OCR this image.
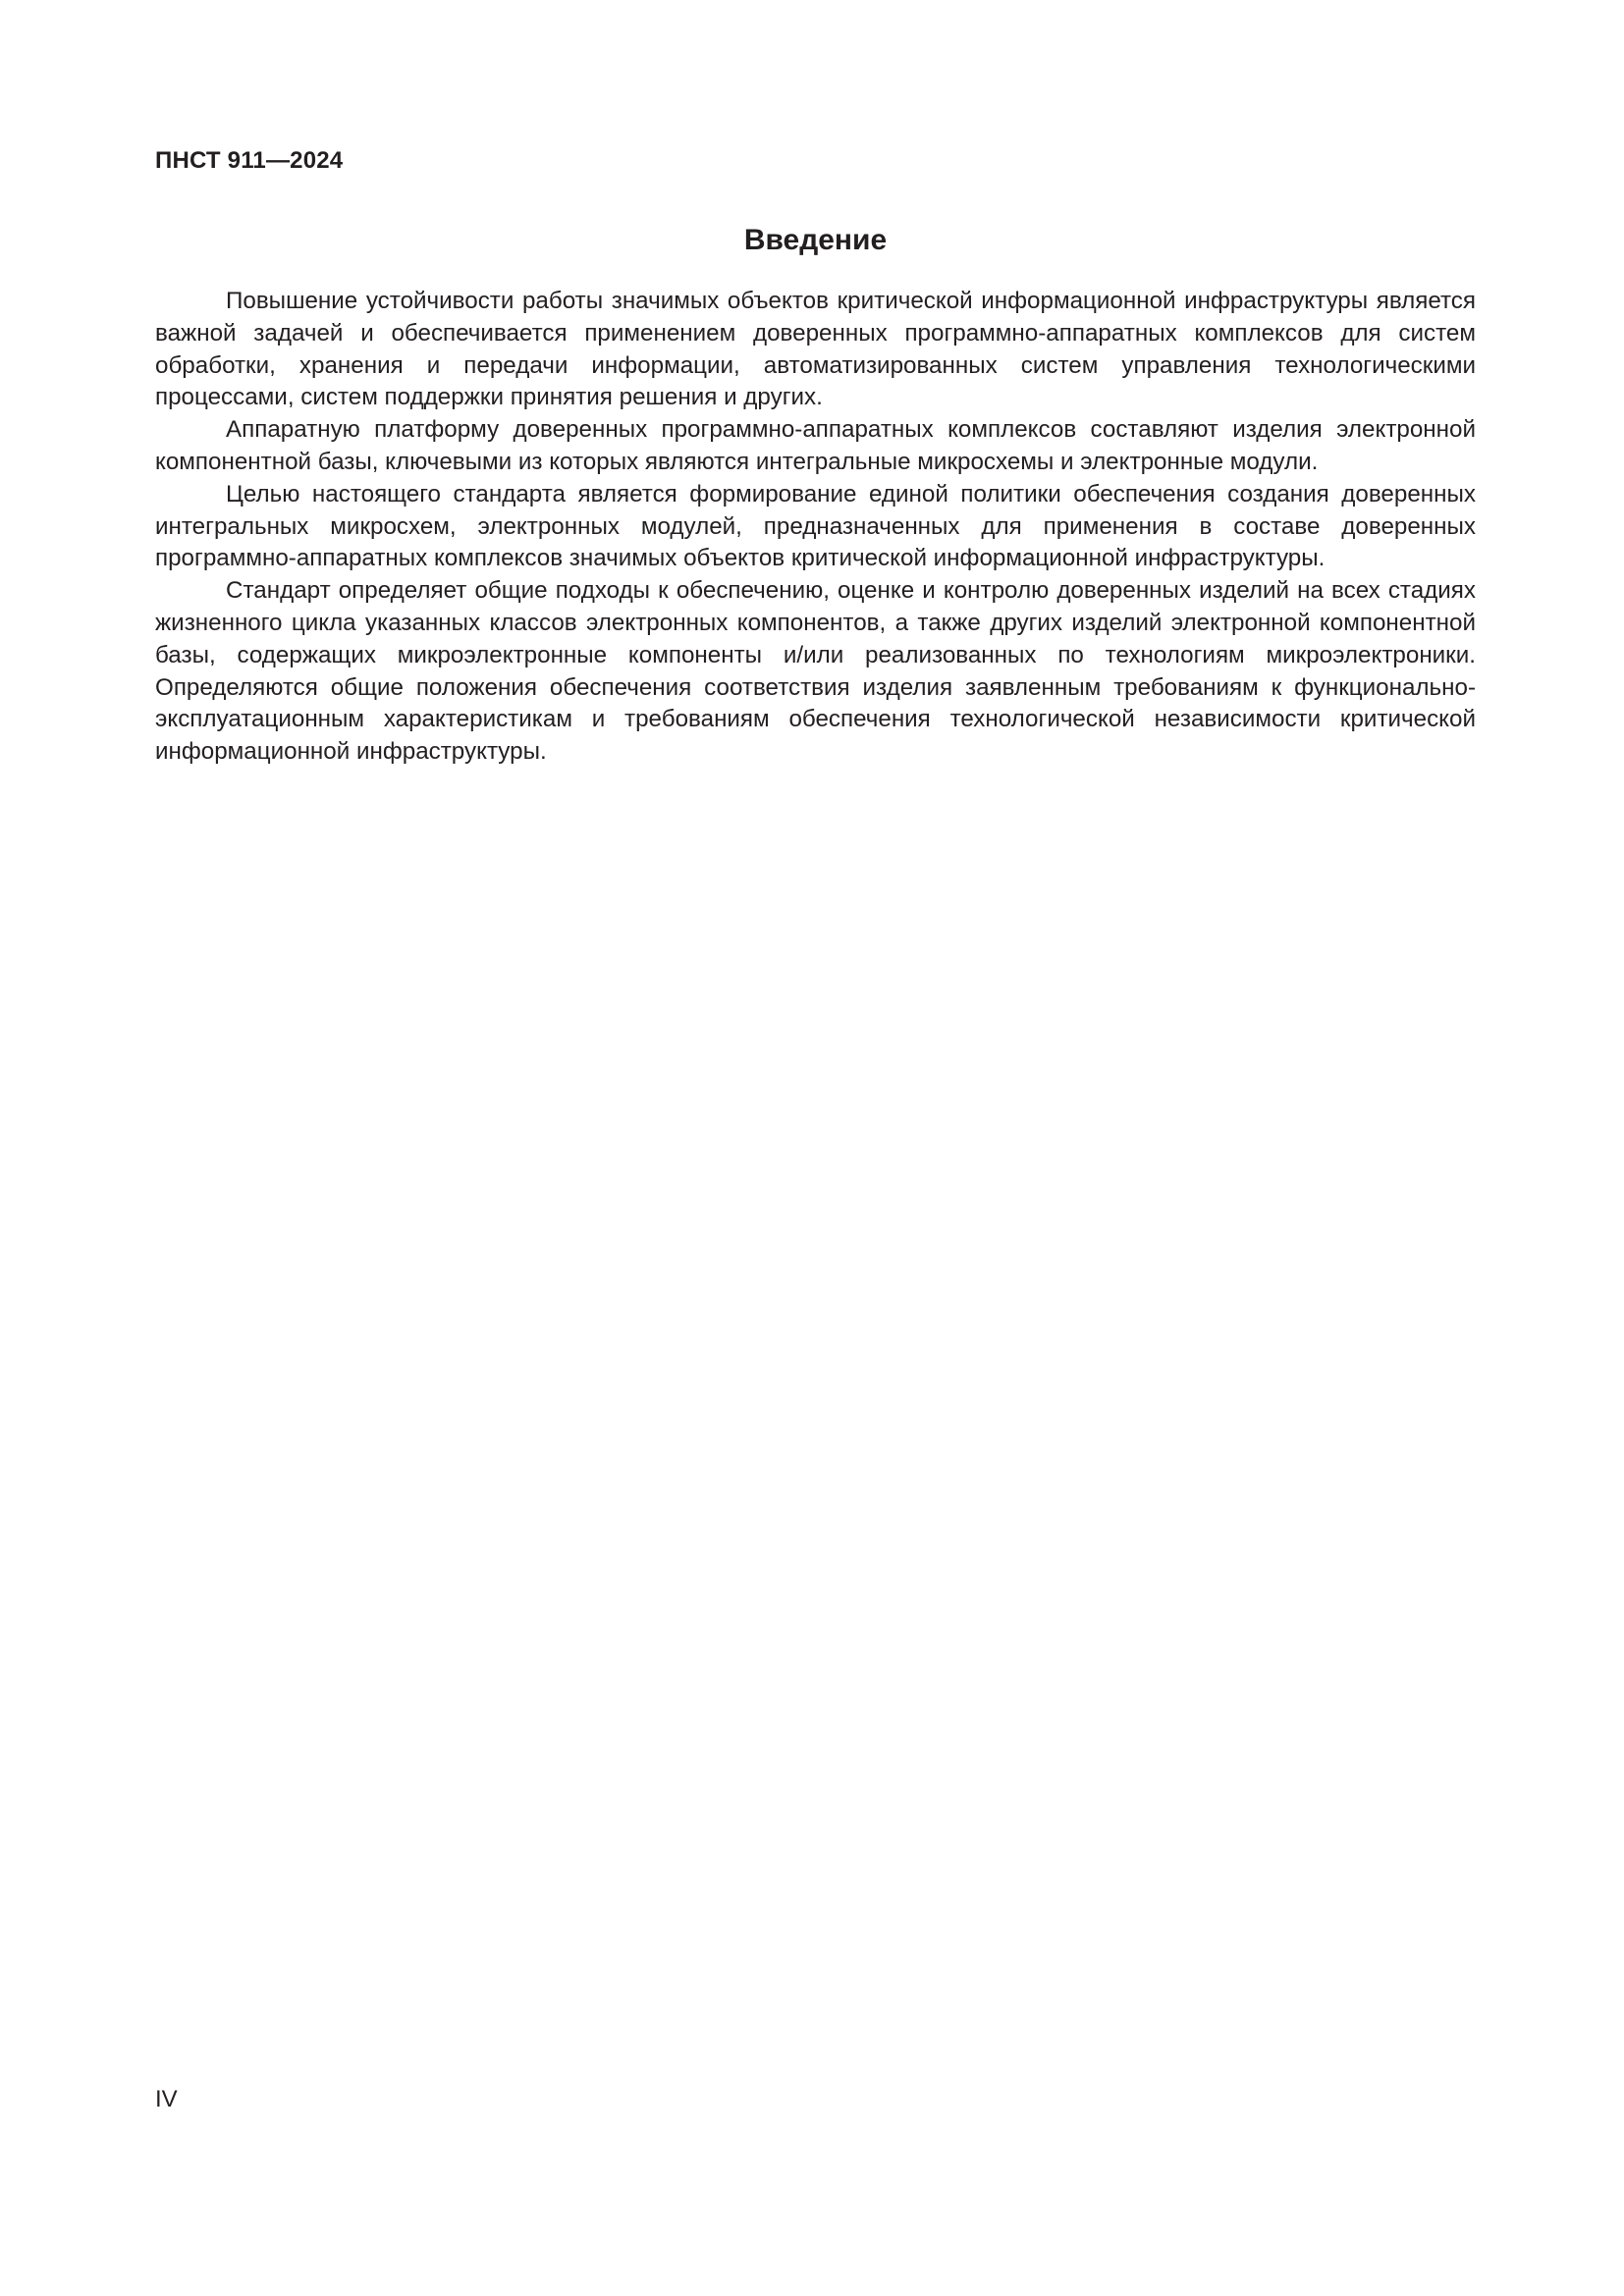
ПНСТ 911—2024
Введение

Повышение устойчивости работы значимых объектов критической информационной инфраструктуры является важной задачей и обеспечивается применением доверенных программно-аппаратных комплексов для систем обработки, хранения и передачи информации, автоматизированных систем управления технологическими процессами, систем поддержки принятия решения и других.

Аппаратную платформу доверенных программно-аппаратных комплексов составляют изделия электронной компонентной базы, ключевыми из которых являются интегральные микросхемы и электронные модули.

Целью настоящего стандарта является формирование единой политики обеспечения создания доверенных интегральных микросхем, электронных модулей, предназначенных для применения в составе доверенных программно-аппаратных комплексов значимых объектов критической информационной инфраструктуры.

Стандарт определяет общие подходы к обеспечению, оценке и контролю доверенных изделий на всех стадиях жизненного цикла указанных классов электронных компонентов, а также других изделий электронной компонентной базы, содержащих микроэлектронные компоненты и/или реализованных по технологиям микроэлектроники. Определяются общие положения обеспечения соответствия изделия заявленным требованиям к функционально-эксплуатационным характеристикам и требованиям обеспечения технологической независимости критической информационной инфраструктуры.

IV
